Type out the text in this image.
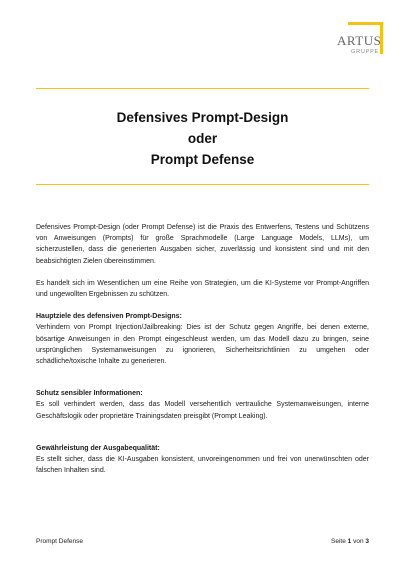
ARTUS
GRUPPE
Defensives Prompt-Design
oder
Prompt Defense

Defensives Prompt-Design (oder Prompt Defense) ist die Praxis des Entwerfens, Testens und Schützens von Anweisungen (Prompts) für große Sprachmodelle (Large Language Models, LLMs), um sicherzustellen, dass die generierten Ausgaben sicher, zuverlässig und konsistent sind und mit den beabsichtigten Zielen übereinstimmen.

Es handelt sich im Wesentlichen um eine Reihe von Strategien, um die KI-Systeme vor Prompt-Angriffen und ungewollten Ergebnissen zu schützen.

Hauptziele des defensiven Prompt-Designs:

Verhindern von Prompt Injection/Jailbreaking: Dies ist der Schutz gegen Angriffe, bei denen externe, bösartige Anweisungen in den Prompt eingeschleust werden, um das Modell dazu zu bringen, seine ursprünglichen Systemanweisungen zu ignorieren, Sicherheitsrichtlinien zu umgehen oder schädliche/toxische Inhalte zu generieren.

Schutz sensibler Informationen:

Es soll verhindert werden, dass das Modell versehentlich vertrauliche Systemanweisungen, interne Geschäftslogik oder proprietäre Trainingsdaten preisgibt (Prompt Leaking).

Gewährleistung der Ausgabequalität:

Es stellt sicher, dass die KI-Ausgaben konsistent, unvoreingenommen und frei von unerwünschten oder falschen Inhalten sind.

Prompt Defense	Seite 1 von 3
